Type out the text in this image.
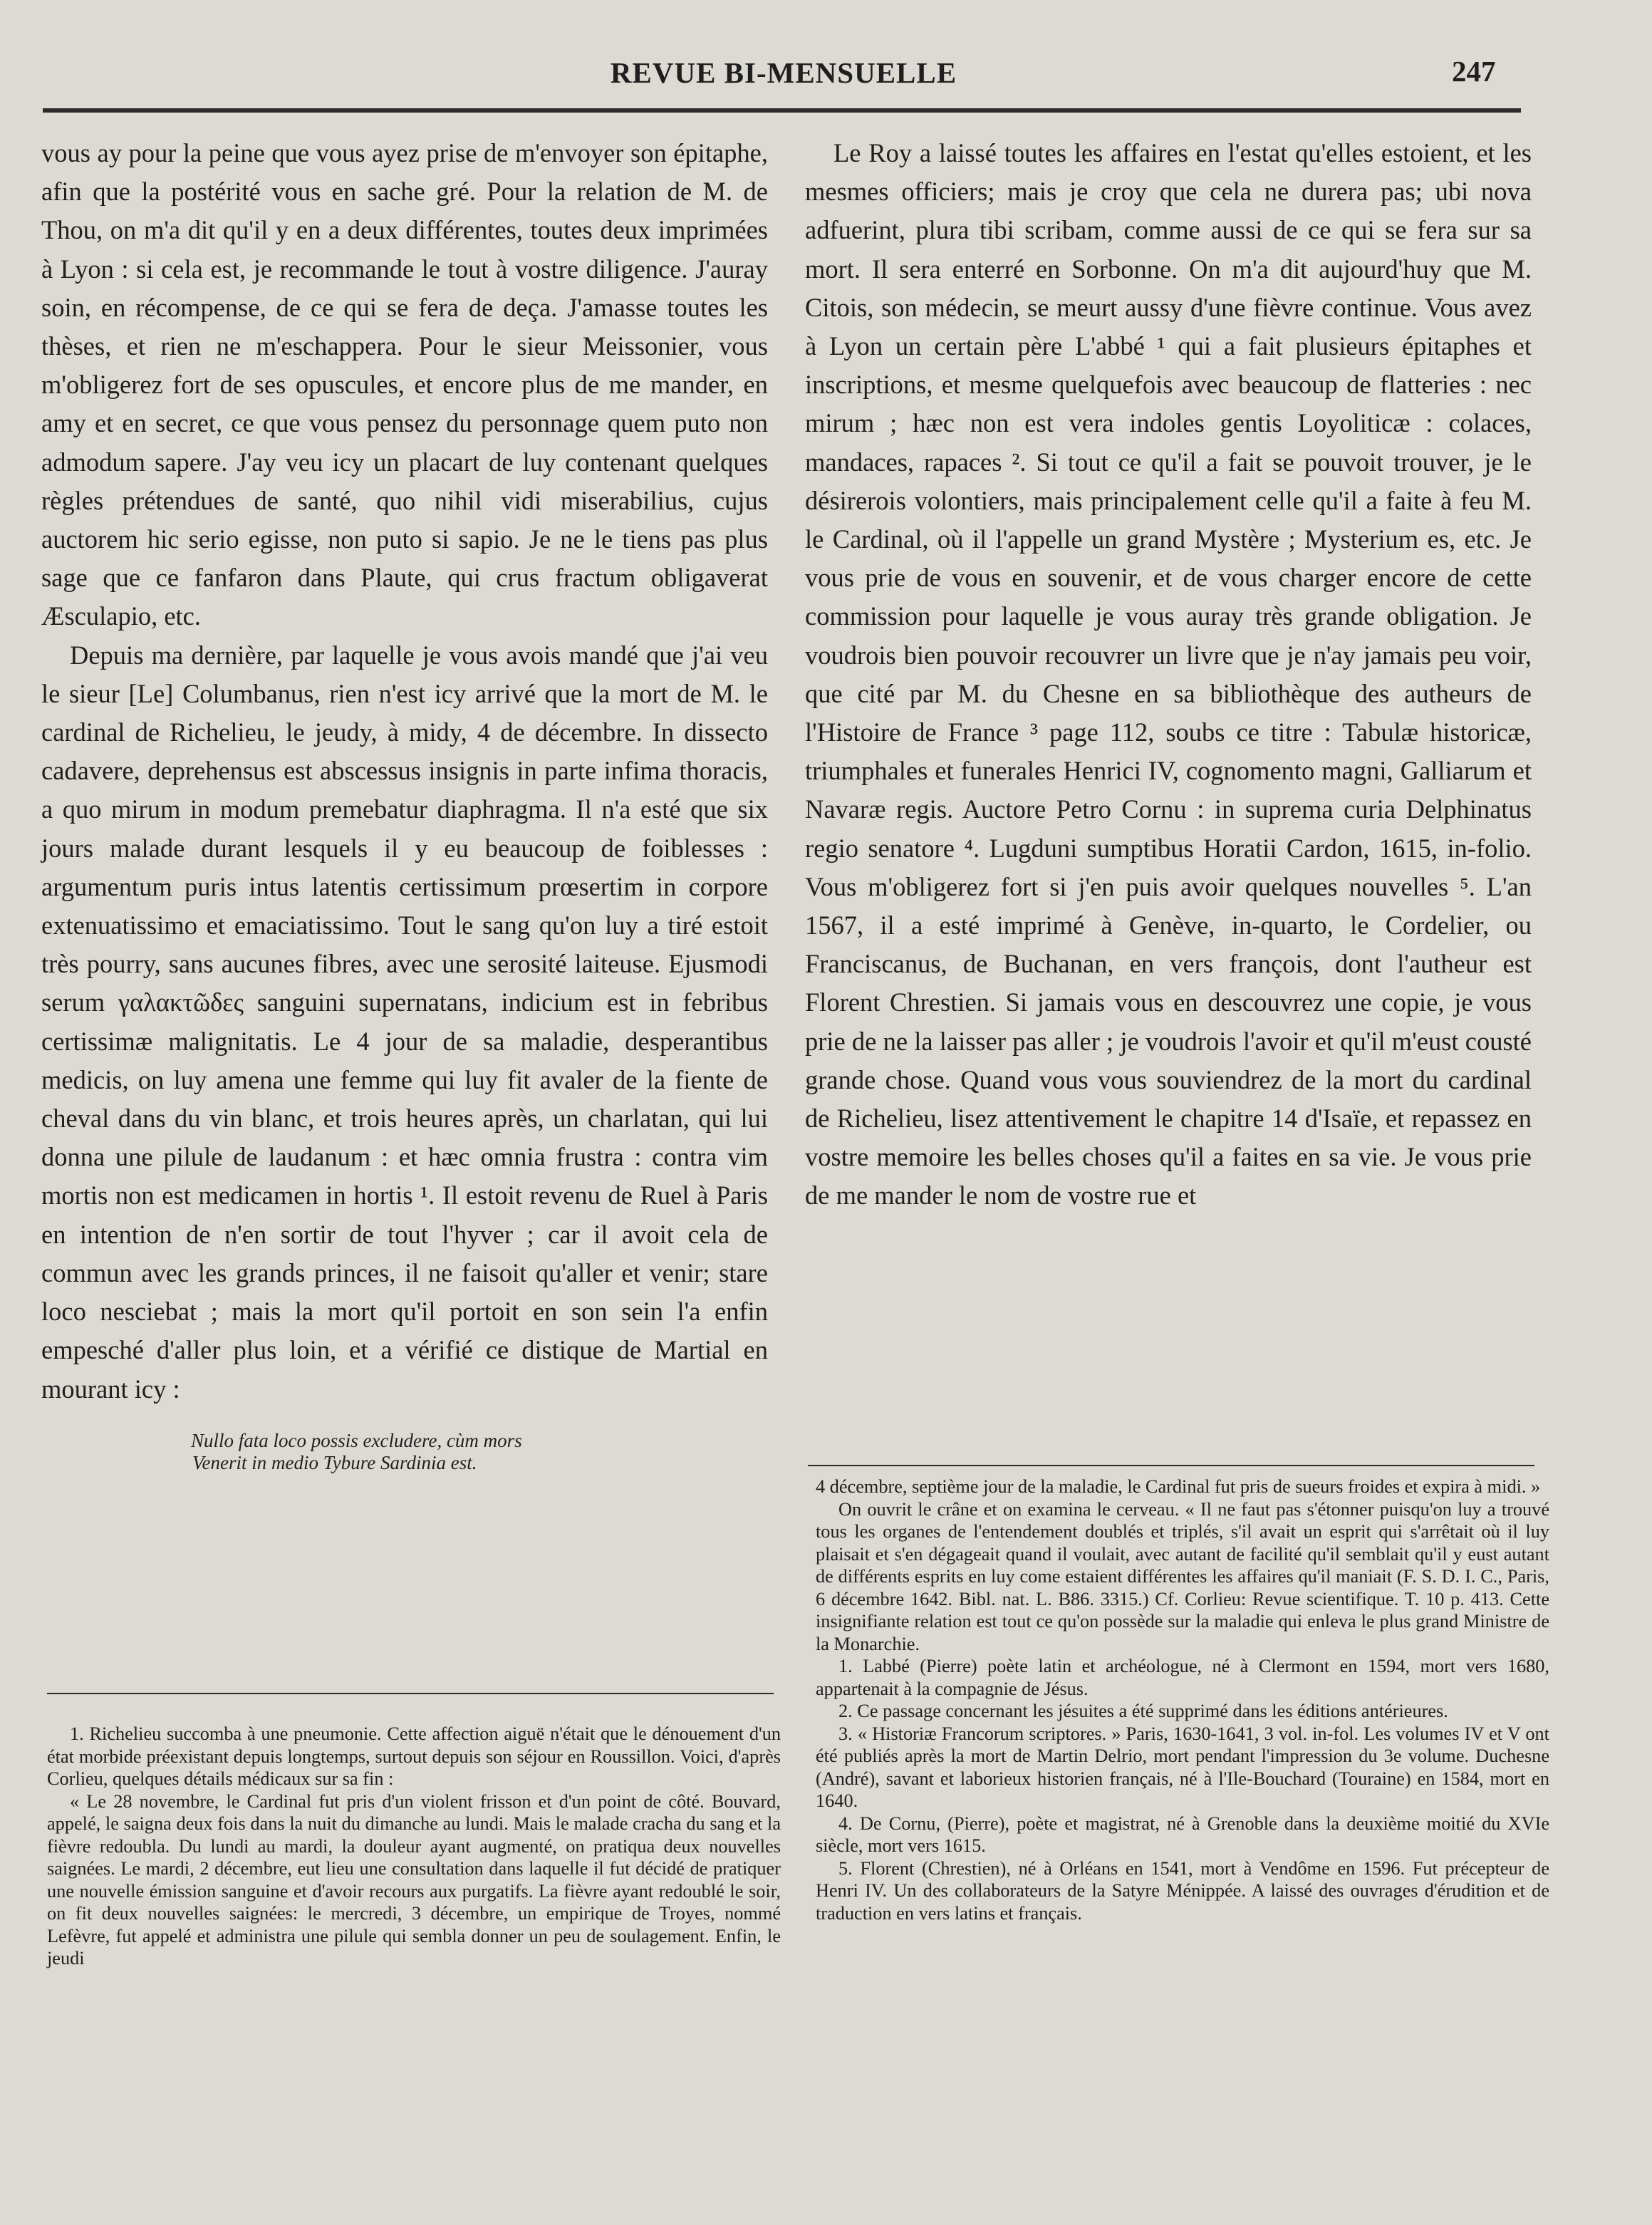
REVUE BI-MENSUELLE	247

vous ay pour la peine que vous ayez prise de m'envoyer son épitaphe, afin que la postérité vous en sache gré. Pour la relation de M. de Thou, on m'a dit qu'il y en a deux différentes, toutes deux imprimées à Lyon : si cela est, je recommande le tout à vostre diligence. J'auray soin, en récompense, de ce qui se fera de deça. J'amasse toutes les thèses, et rien ne m'eschappera. Pour le sieur Meissonier, vous m'obligerez fort de ses opuscules, et encore plus de me mander, en amy et en secret, ce que vous pensez du personnage quem puto non admodum sapere. J'ay veu icy un placart de luy contenant quelques règles prétendues de santé, quo nihil vidi miserabilius, cujus auctorem hic serio egisse, non puto si sapio. Je ne le tiens pas plus sage que ce fanfaron dans Plaute, qui crus fractum obligaverat Æsculapio, etc.

Depuis ma dernière, par laquelle je vous avois mandé que j'ai veu le sieur [Le] Columbanus, rien n'est icy arrivé que la mort de M. le cardinal de Richelieu, le jeudy, à midy, 4 de décembre. In dissecto cadavere, deprehensus est abscessus insignis in parte infima thoracis, a quo mirum in modum premebatur diaphragma. Il n'a esté que six jours malade durant lesquels il y eu beaucoup de foiblesses : argumentum puris intus latentis certissimum prœsertim in corpore extenuatissimo et emaciatissimo. Tout le sang qu'on luy a tiré estoit très pourry, sans aucunes fibres, avec une serosité laiteuse. Ejusmodi serum γαλακτῶδες sanguini supernatans, indicium est in febribus certissimæ malignitatis. Le 4 jour de sa maladie, desperantibus medicis, on luy amena une femme qui luy fit avaler de la fiente de cheval dans du vin blanc, et trois heures après, un charlatan, qui lui donna une pilule de laudanum : et hæc omnia frustra : contra vim mortis non est medicamen in hortis ¹. Il estoit revenu de Ruel à Paris en intention de n'en sortir de tout l'hyver ; car il avoit cela de commun avec les grands princes, il ne faisoit qu'aller et venir; stare loco nesciebat ; mais la mort qu'il portoit en son sein l'a enfin empesché d'aller plus loin, et a vérifié ce distique de Martial en mourant icy :

Nullo fata loco possis excludere, cùm mors
Venerit in medio Tybure Sardinia est.

Le Roy a laissé toutes les affaires en l'estat qu'elles estoient, et les mesmes officiers; mais je croy que cela ne durera pas; ubi nova adfuerint, plura tibi scribam, comme aussi de ce qui se fera sur sa mort. Il sera enterré en Sorbonne. On m'a dit aujourd'huy que M. Citois, son médecin, se meurt aussy d'une fièvre continue. Vous avez à Lyon un certain père L'abbé ¹ qui a fait plusieurs épitaphes et inscriptions, et mesme quelquefois avec beaucoup de flatteries : nec mirum ; hæc non est vera indoles gentis Loyoliticæ : colaces, mandaces, rapaces ². Si tout ce qu'il a fait se pouvoit trouver, je le désirerois volontiers, mais principalement celle qu'il a faite à feu M. le Cardinal, où il l'appelle un grand Mystère ; Mysterium es, etc. Je vous prie de vous en souvenir, et de vous charger encore de cette commission pour laquelle je vous auray très grande obligation. Je voudrois bien pouvoir recouvrer un livre que je n'ay jamais peu voir, que cité par M. du Chesne en sa bibliothèque des autheurs de l'Histoire de France ³ page 112, soubs ce titre : Tabulæ historicæ, triumphales et funerales Henrici IV, cognomento magni, Galliarum et Navaræ regis. Auctore Petro Cornu : in suprema curia Delphinatus regio senatore ⁴. Lugduni sumptibus Horatii Cardon, 1615, in-folio. Vous m'obligerez fort si j'en puis avoir quelques nouvelles ⁵. L'an 1567, il a esté imprimé à Genève, in-quarto, le Cordelier, ou Franciscanus, de Buchanan, en vers françois, dont l'autheur est Florent Chrestien. Si jamais vous en descouvrez une copie, je vous prie de ne la laisser pas aller ; je voudrois l'avoir et qu'il m'eust cousté grande chose. Quand vous vous souviendrez de la mort du cardinal de Richelieu, lisez attentivement le chapitre 14 d'Isaïe, et repassez en vostre memoire les belles choses qu'il a faites en sa vie. Je vous prie de me mander le nom de vostre rue et

1. Richelieu succomba à une pneumonie. Cette affection aiguë n'était que le dénouement d'un état morbide préexistant depuis longtemps, surtout depuis son séjour en Roussillon. Voici, d'après Corlieu, quelques détails médicaux sur sa fin :

« Le 28 novembre, le Cardinal fut pris d'un violent frisson et d'un point de côté. Bouvard, appelé, le saigna deux fois dans la nuit du dimanche au lundi. Mais le malade cracha du sang et la fièvre redoubla. Du lundi au mardi, la douleur ayant augmenté, on pratiqua deux nouvelles saignées. Le mardi, 2 décembre, eut lieu une consultation dans laquelle il fut décidé de pratiquer une nouvelle émission sanguine et d'avoir recours aux purgatifs. La fièvre ayant redoublé le soir, on fit deux nouvelles saignées: le mercredi, 3 décembre, un empirique de Troyes, nommé Lefèvre, fut appelé et administra une pilule qui sembla donner un peu de soulagement. Enfin, le jeudi

4 décembre, septième jour de la maladie, le Cardinal fut pris de sueurs froides et expira à midi. »

On ouvrit le crâne et on examina le cerveau. « Il ne faut pas s'étonner puisqu'on luy a trouvé tous les organes de l'entendement doublés et triplés, s'il avait un esprit qui s'arrêtait où il luy plaisait et s'en dégageait quand il voulait, avec autant de facilité qu'il semblait qu'il y eust autant de différents esprits en luy come estaient différentes les affaires qu'il maniait (F. S. D. I. C., Paris, 6 décembre 1642. Bibl. nat. L. B86. 3315.) Cf. Corlieu: Revue scientifique. T. 10 p. 413. Cette insignifiante relation est tout ce qu'on possède sur la maladie qui enleva le plus grand Ministre de la Monarchie.

1. Labbé (Pierre) poète latin et archéologue, né à Clermont en 1594, mort vers 1680, appartenait à la compagnie de Jésus.

2. Ce passage concernant les jésuites a été supprimé dans les éditions antérieures.

3. « Historiæ Francorum scriptores. » Paris, 1630-1641, 3 vol. in-fol. Les volumes IV et V ont été publiés après la mort de Martin Delrio, mort pendant l'impression du 3e volume. Duchesne (André), savant et laborieux historien français, né à l'Ile-Bouchard (Touraine) en 1584, mort en 1640.

4. De Cornu, (Pierre), poète et magistrat, né à Grenoble dans la deuxième moitié du XVIe siècle, mort vers 1615.

5. Florent (Chrestien), né à Orléans en 1541, mort à Vendôme en 1596. Fut précepteur de Henri IV. Un des collaborateurs de la Satyre Ménippée. A laissé des ouvrages d'érudition et de traduction en vers latins et français.
